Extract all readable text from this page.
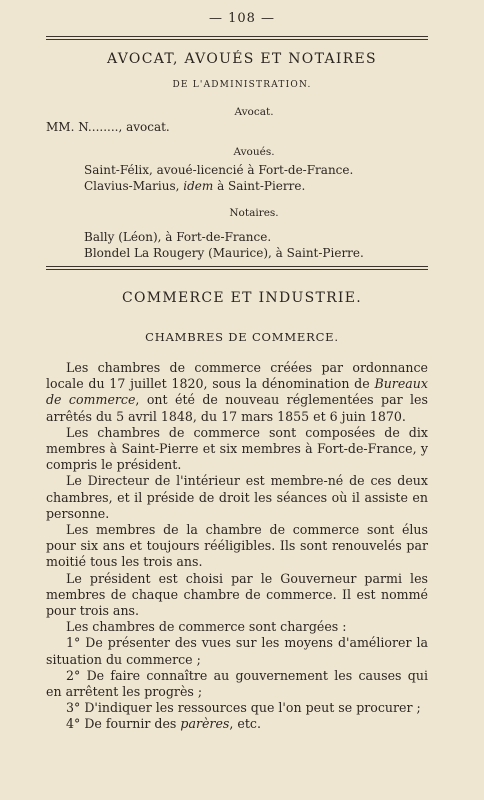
— 108 —
AVOCAT, AVOUÉS ET NOTAIRES
DE L'ADMINISTRATION.
Avocat.
MM. N........, avocat.
Avoués.
Saint-Félix, avoué-licencié à Fort-de-France.
Clavius-Marius, idem à Saint-Pierre.
Notaires.
Bally (Léon), à Fort-de-France.
Blondel La Rougery (Maurice), à Saint-Pierre.
COMMERCE ET INDUSTRIE.
CHAMBRES DE COMMERCE.

Les chambres de commerce créées par ordonnance locale du 17 juillet 1820, sous la dénomination de Bureaux de commerce, ont été de nouveau réglementées par les arrêtés du 5 avril 1848, du 17 mars 1855 et 6 juin 1870.

Les chambres de commerce sont composées de dix membres à Saint-Pierre et six membres à Fort-de-France, y compris le président.

Le Directeur de l'intérieur est membre-né de ces deux chambres, et il préside de droit les séances où il assiste en personne.

Les membres de la chambre de commerce sont élus pour six ans et toujours rééligibles. Ils sont renouvelés par moitié tous les trois ans.

Le président est choisi par le Gouverneur parmi les membres de chaque chambre de commerce. Il est nommé pour trois ans.

Les chambres de commerce sont chargées :

1° De présenter des vues sur les moyens d'améliorer la situation du commerce ;

2° De faire connaître au gouvernement les causes qui en arrêtent les progrès ;

3° D'indiquer les ressources que l'on peut se procurer ;

4° De fournir des parères, etc.
